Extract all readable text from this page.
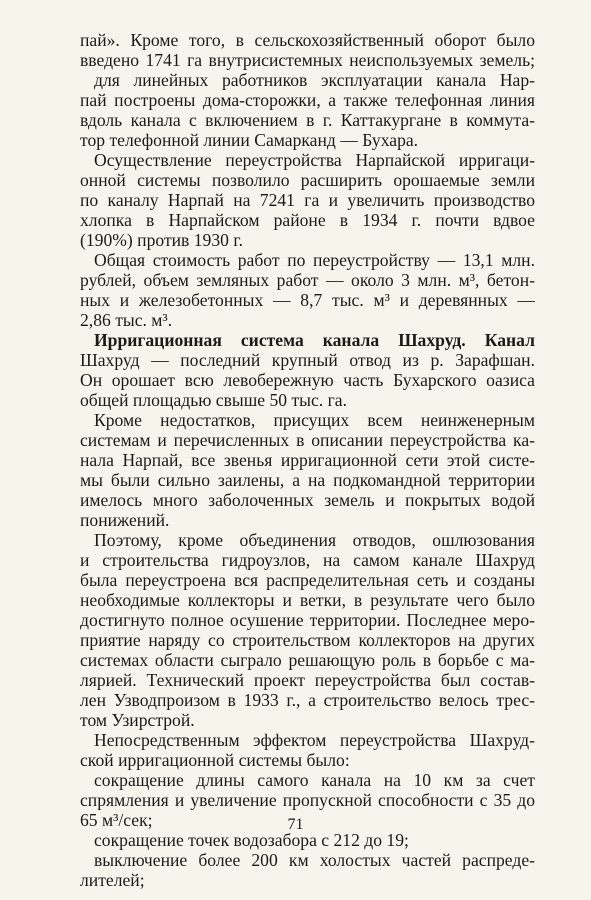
пай». Кроме того, в сельскохозяйственный оборот было
введено 1741 га внутрисистемных неиспользуемых земель;
для линейных работников эксплуатации канала Нар-
пай построены дома-сторожки, а также телефонная линия
вдоль канала с включением в г. Каттакургане в коммута-
тор телефонной линии Самарканд — Бухара.
Осуществление переустройства Нарпайской ирригаци-
онной системы позволило расширить орошаемые земли
по каналу Нарпай на 7241 га и увеличить производство
хлопка в Нарпайском районе в 1934 г. почти вдвое
(190%) против 1930 г.
Общая стоимость работ по переустройству — 13,1 млн.
рублей, объем земляных работ — около 3 млн. м³, бетон-
ных и железобетонных — 8,7 тыс. м³ и деревянных —
2,86 тыс. м³.
Ирригационная система канала Шахруд. Канал
Шахруд — последний крупный отвод из р. Зарафшан.
Он орошает всю левобережную часть Бухарского оазиса
общей площадью свыше 50 тыс. га.
Кроме недостатков, присущих всем неинженерным
системам и перечисленных в описании переустройства ка-
нала Нарпай, все звенья ирригационной сети этой систе-
мы были сильно заилены, а на подкомандной территории
имелось много заболоченных земель и покрытых водой
понижений.
Поэтому, кроме объединения отводов, ошлюзования
и строительства гидроузлов, на самом канале Шахруд
была переустроена вся распределительная сеть и созданы
необходимые коллекторы и ветки, в результате чего было
достигнуто полное осушение территории. Последнее меро-
приятие наряду со строительством коллекторов на других
системах области сыграло решающую роль в борьбе с ма-
лярией. Технический проект переустройства был состав-
лен Узводпроизом в 1933 г., а строительство велось трес-
том Узирстрой.
Непосредственным эффектом переустройства Шахруд-
ской ирригационной системы было:
сокращение длины самого канала на 10 км за счет
спрямления и увеличение пропускной способности с 35 до
65 м³/сек;
сокращение точек водозабора с 212 до 19;
выключение более 200 км холостых частей распреде-
лителей;
71
